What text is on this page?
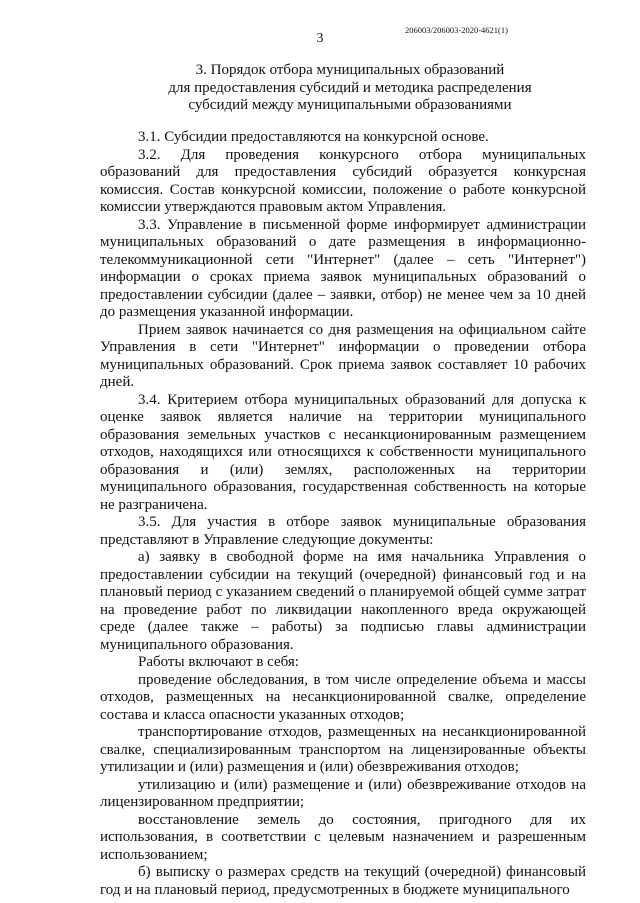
3
206003/206003-2020-4621(1)
3. Порядок отбора муниципальных образований
для предоставления субсидий и методика распределения
субсидий между муниципальными образованиями

3.1. Субсидии предоставляются на конкурсной основе.

3.2. Для проведения конкурсного отбора муниципальных образований для предоставления субсидий образуется конкурсная комиссия. Состав конкурсной комиссии, положение о работе конкурсной комиссии утверждаются правовым актом Управления.

3.3. Управление в письменной форме информирует администрации муниципальных образований о дате размещения в информационно-телекоммуникационной сети "Интернет" (далее – сеть "Интернет") информации о сроках приема заявок муниципальных образований о предоставлении субсидии (далее – заявки, отбор) не менее чем за 10 дней до размещения указанной информации.

Прием заявок начинается со дня размещения на официальном сайте Управления в сети "Интернет" информации о проведении отбора муниципальных образований. Срок приема заявок составляет 10 рабочих дней.

3.4. Критерием отбора муниципальных образований для допуска к оценке заявок является наличие на территории муниципального образования земельных участков с несанкционированным размещением отходов, находящихся или относящихся к собственности муниципального образования и (или) землях, расположенных на территории муниципального образования, государственная собственность на которые не разграничена.

3.5. Для участия в отборе заявок муниципальные образования представляют в Управление следующие документы:

а) заявку в свободной форме на имя начальника Управления о предоставлении субсидии на текущий (очередной) финансовый год и на плановый период с указанием сведений о планируемой общей сумме затрат на проведение работ по ликвидации накопленного вреда окружающей среде (далее также – работы) за подписью главы администрации муниципального образования.

Работы включают в себя:

проведение обследования, в том числе определение объема и массы отходов, размещенных на несанкционированной свалке, определение состава и класса опасности указанных отходов;

транспортирование отходов, размещенных на несанкционированной свалке, специализированным транспортом на лицензированные объекты утилизации и (или) размещения и (или) обезвреживания отходов;

утилизацию и (или) размещение и (или) обезвреживание отходов на лицензированном предприятии;

восстановление земель до состояния, пригодного для их использования, в соответствии с целевым назначением и разрешенным использованием;

б) выписку о размерах средств на текущий (очередной) финансовый год и на плановый период, предусмотренных в бюджете муниципального
